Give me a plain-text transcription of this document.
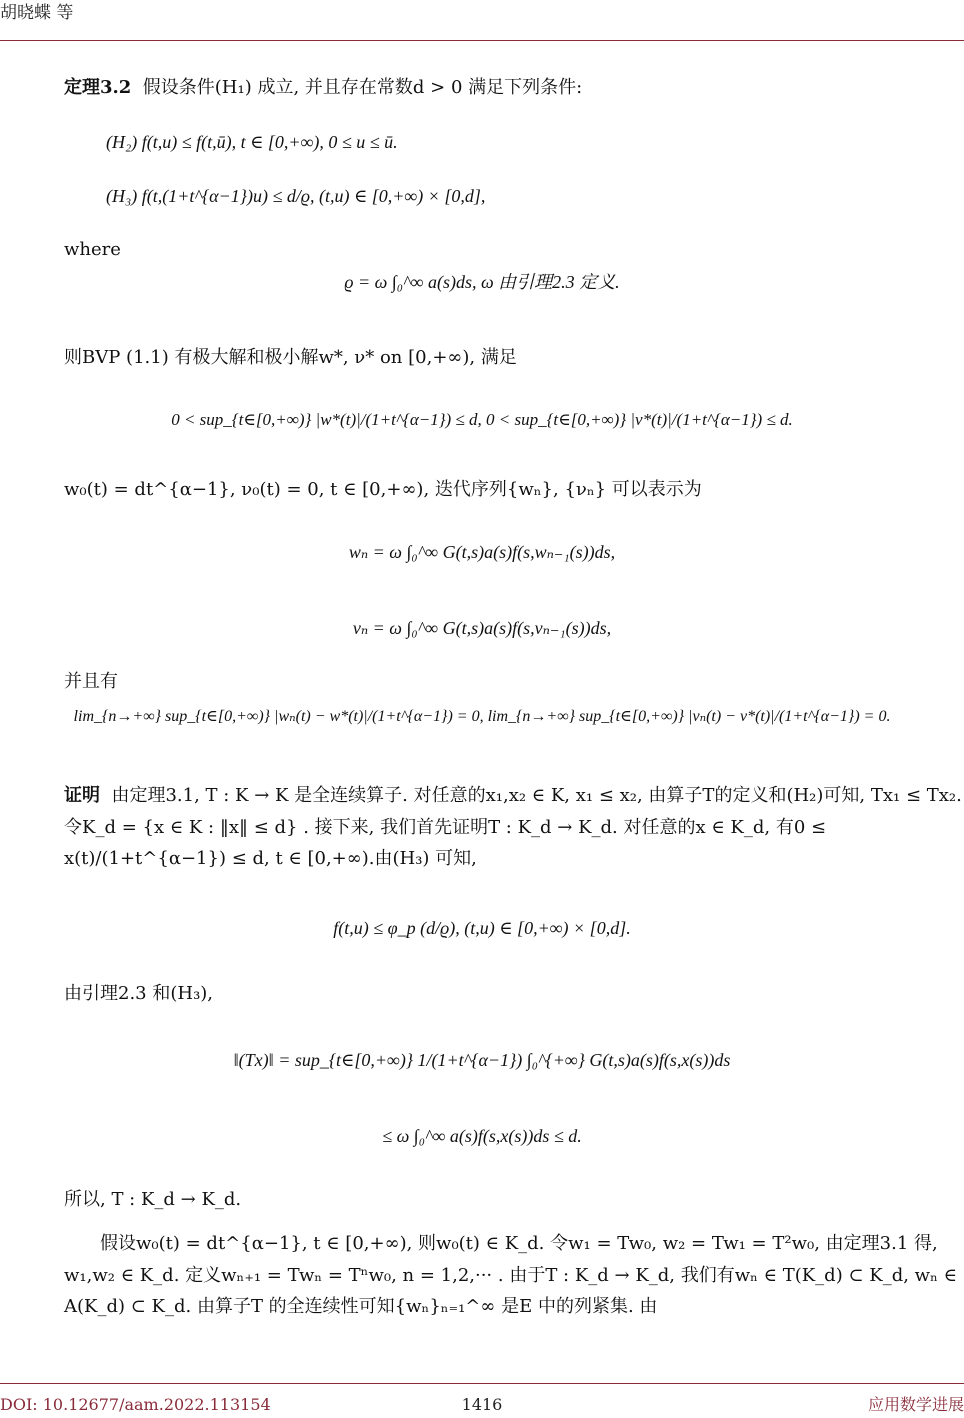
胡晓蝶 等

定理3.2 假设条件(H₁) 成立, 并且存在常数d > 0 满足下列条件:

(H₂) f(t,u) ≤ f(t,ū), t ∈ [0,+∞), 0 ≤ u ≤ ū.

(H₃) f(t,(1+t^{α−1})u) ≤ d/ϱ, (t,u) ∈ [0,+∞) × [0,d],

where

ϱ = ω ∫₀^∞ a(s)ds, ω 由引理2.3 定义.

则BVP (1.1) 有极大解和极小解w*, ν* on [0,+∞), 满足

0 < sup_{t∈[0,+∞)} |w*(t)|/(1+t^{α−1}) ≤ d, 0 < sup_{t∈[0,+∞)} |ν*(t)|/(1+t^{α−1}) ≤ d.

w₀(t) = dt^{α−1}, ν₀(t) = 0, t ∈ [0,+∞), 迭代序列{wₙ}, {νₙ} 可以表示为

wₙ = ω ∫₀^∞ G(t,s)a(s)f(s,wₙ₋₁(s))ds,

νₙ = ω ∫₀^∞ G(t,s)a(s)f(s,νₙ₋₁(s))ds,

并且有

lim_{n→+∞} sup_{t∈[0,+∞)} |wₙ(t) − w*(t)|/(1+t^{α−1}) = 0, lim_{n→+∞} sup_{t∈[0,+∞)} |νₙ(t) − ν*(t)|/(1+t^{α−1}) = 0.

证明 由定理3.1, T : K → K 是全连续算子. 对任意的x₁,x₂ ∈ K, x₁ ≤ x₂, 由算子T的定义和(H₂)可知, Tx₁ ≤ Tx₂. 令K_d = {x ∈ K : ‖x‖ ≤ d} . 接下来, 我们首先证明T : K_d → K_d. 对任意的x ∈ K_d, 有0 ≤ x(t)/(1+t^{α−1}) ≤ d, t ∈ [0,+∞).由(H₃) 可知,

f(t,u) ≤ φ_p (d/ϱ), (t,u) ∈ [0,+∞) × [0,d].

由引理2.3 和(H₃),

‖(Tx)‖ = sup_{t∈[0,+∞)} 1/(1+t^{α−1}) ∫₀^{+∞} G(t,s)a(s)f(s,x(s))ds

≤ ω ∫₀^∞ a(s)f(s,x(s))ds ≤ d.

所以, T : K_d → K_d.

假设w₀(t) = dt^{α−1}, t ∈ [0,+∞), 则w₀(t) ∈ K_d. 令w₁ = Tw₀, w₂ = Tw₁ = T²w₀, 由定理3.1 得, w₁,w₂ ∈ K_d. 定义wₙ₊₁ = Twₙ = Tⁿw₀, n = 1,2,··· . 由于T : K_d → K_d, 我们有wₙ ∈ T(K_d) ⊂ K_d, wₙ ∈ A(K_d) ⊂ K_d. 由算子T 的全连续性可知{wₙ}ₙ₌₁^∞ 是E 中的列紧集. 由

DOI: 10.12677/aam.2022.113154	1416	应用数学进展
